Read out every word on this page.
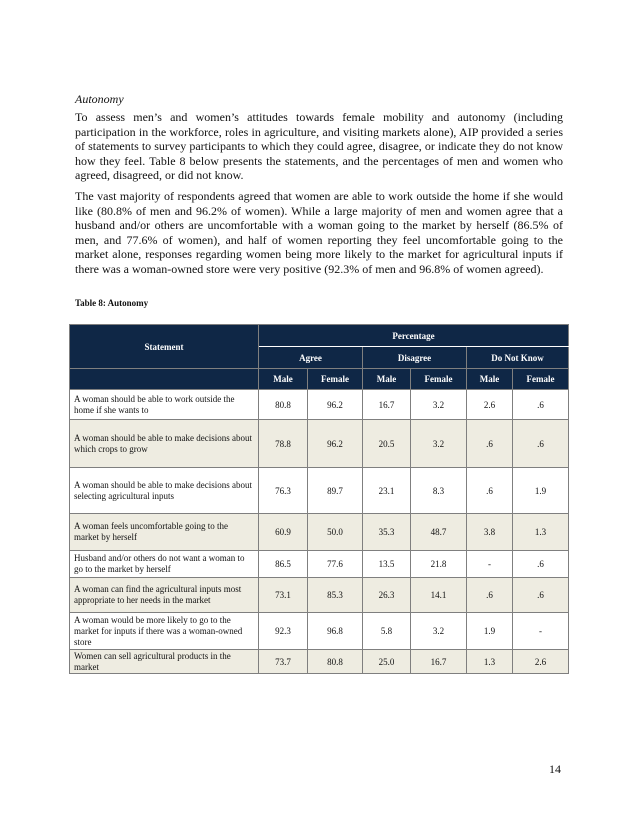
Autonomy

To assess men’s and women’s attitudes towards female mobility and autonomy (including participation in the workforce, roles in agriculture, and visiting markets alone), AIP provided a series of statements to survey participants to which they could agree, disagree, or indicate they do not know how they feel. Table 8 below presents the statements, and the percentages of men and women who agreed, disagreed, or did not know.

The vast majority of respondents agreed that women are able to work outside the home if she would like (80.8% of men and 96.2% of women). While a large majority of men and women agree that a husband and/or others are uncomfortable with a woman going to the market by herself (86.5% of men, and 77.6% of women), and half of women reporting they feel uncomfortable going to the market alone, responses regarding women being more likely to the market for agricultural inputs if there was a woman-owned store were very positive (92.3% of men and 96.8% of women agreed).

Table 8: Autonomy
Statement	Percentage					
	Agree		Disagree		Do Not Know	
	Male	Female	Male	Female	Male	Female
A woman should be able to work outside the home if she wants to	80.8	96.2	16.7	3.2	2.6	.6
A woman should be able to make decisions about which crops to grow	78.8	96.2	20.5	3.2	.6	.6
A woman should be able to make decisions about selecting agricultural inputs	76.3	89.7	23.1	8.3	.6	1.9
A woman feels uncomfortable going to the market by herself	60.9	50.0	35.3	48.7	3.8	1.3
Husband and/or others do not want a woman to go to the market by herself	86.5	77.6	13.5	21.8	-	.6
A woman can find the agricultural inputs most appropriate to her needs in the market	73.1	85.3	26.3	14.1	.6	.6
A woman would be more likely to go to the market for inputs if there was a woman-owned store	92.3	96.8	5.8	3.2	1.9	-
Women can sell agricultural products in the market	73.7	80.8	25.0	16.7	1.3	2.6
14
